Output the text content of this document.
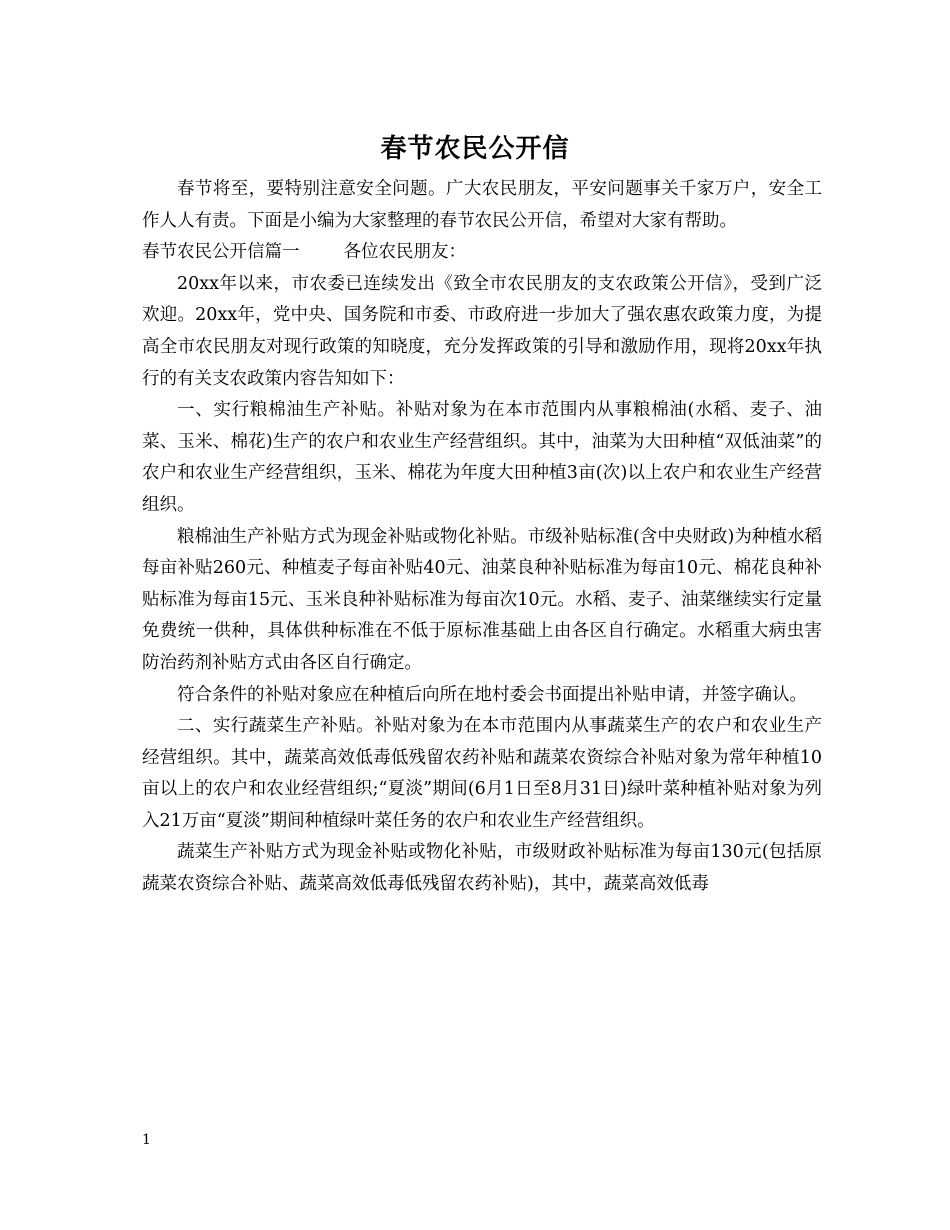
春节农民公开信

春节将至，要特别注意安全问题。广大农民朋友，平安问题事关千家万户，安全工作人人有责。下面是小编为大家整理的春节农民公开信，希望对大家有帮助。

春节农民公开信篇一	各位农民朋友：

20xx年以来，市农委已连续发出《致全市农民朋友的支农政策公开信》，受到广泛欢迎。20xx年，党中央、国务院和市委、市政府进一步加大了强农惠农政策力度，为提高全市农民朋友对现行政策的知晓度，充分发挥政策的引导和激励作用，现将20xx年执行的有关支农政策内容告知如下：

一、实行粮棉油生产补贴。补贴对象为在本市范围内从事粮棉油(水稻、麦子、油菜、玉米、棉花)生产的农户和农业生产经营组织。其中，油菜为大田种植“双低油菜”的农户和农业生产经营组织，玉米、棉花为年度大田种植3亩(次)以上农户和农业生产经营组织。

粮棉油生产补贴方式为现金补贴或物化补贴。市级补贴标准(含中央财政)为种植水稻每亩补贴260元、种植麦子每亩补贴40元、油菜良种补贴标准为每亩10元、棉花良种补贴标准为每亩15元、玉米良种补贴标准为每亩次10元。水稻、麦子、油菜继续实行定量免费统一供种，具体供种标准在不低于原标准基础上由各区自行确定。水稻重大病虫害防治药剂补贴方式由各区自行确定。

符合条件的补贴对象应在种植后向所在地村委会书面提出补贴申请，并签字确认。

二、实行蔬菜生产补贴。补贴对象为在本市范围内从事蔬菜生产的农户和农业生产经营组织。其中，蔬菜高效低毒低残留农药补贴和蔬菜农资综合补贴对象为常年种植10亩以上的农户和农业经营组织;“夏淡”期间(6月1日至8月31日)绿叶菜种植补贴对象为列入21万亩“夏淡”期间种植绿叶菜任务的农户和农业生产经营组织。

蔬菜生产补贴方式为现金补贴或物化补贴，市级财政补贴标准为每亩130元(包括原蔬菜农资综合补贴、蔬菜高效低毒低残留农药补贴)，其中，蔬菜高效低毒

1
